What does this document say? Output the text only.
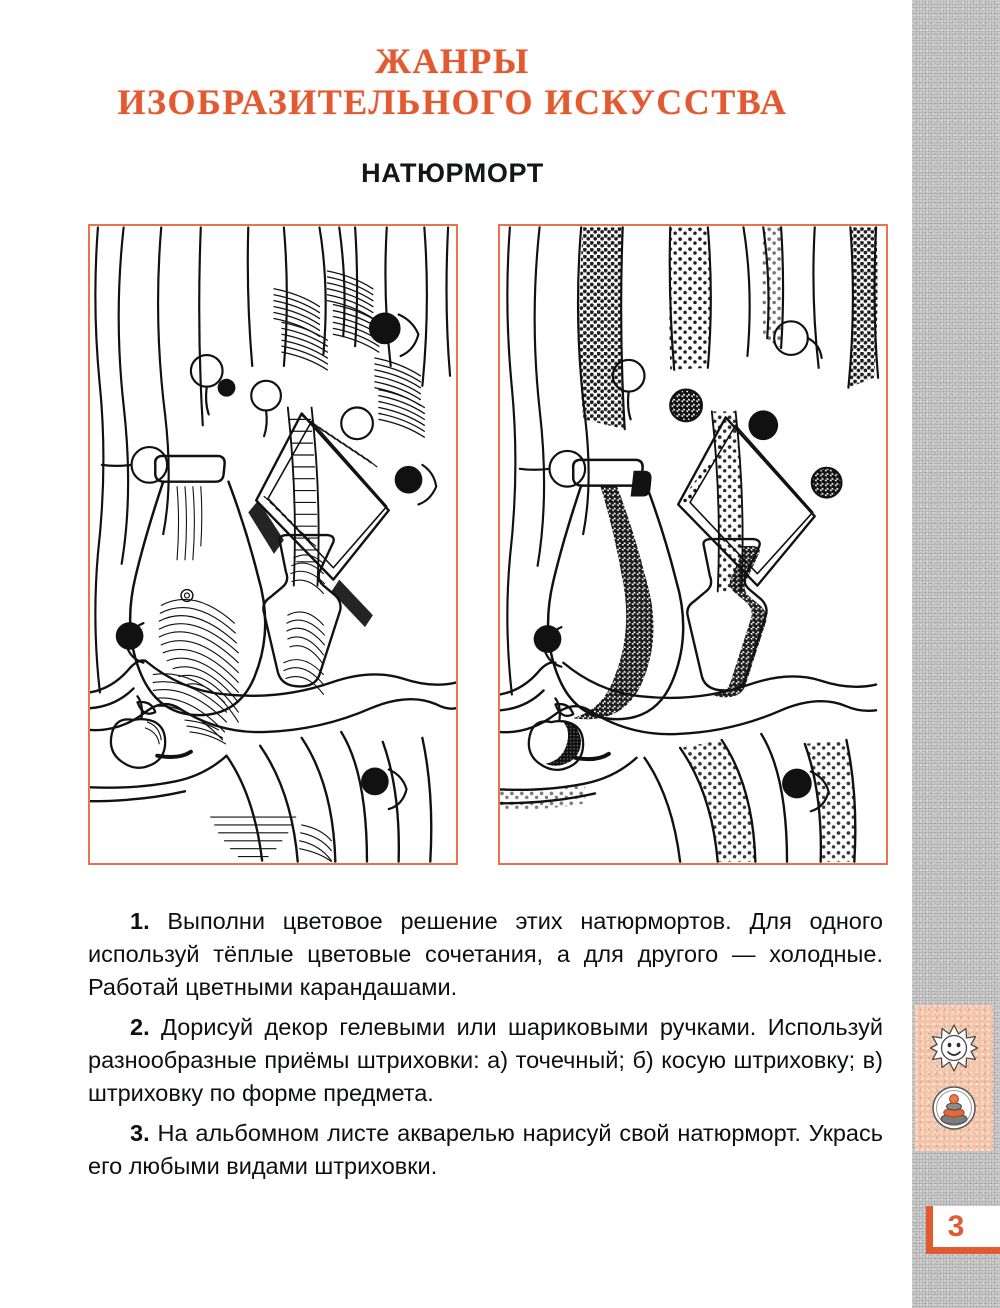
ЖАНРЫ
ИЗОБРАЗИТЕЛЬНОГО ИСКУССТВА
НАТЮРМОРТ

1. Выполни цветовое решение этих натюрмортов. Для одного используй тёплые цветовые сочетания, а для другого — холодные. Работай цветными карандашами.

2. Дорисуй декор гелевыми или шариковыми ручками. Используй разнообразные приёмы штриховки: а) точечный; б) косую штриховку; в) штриховку по форме предмета.

3. На альбомном листе акварелью нарисуй свой натюрморт. Укрась его любыми видами штриховки.

3
